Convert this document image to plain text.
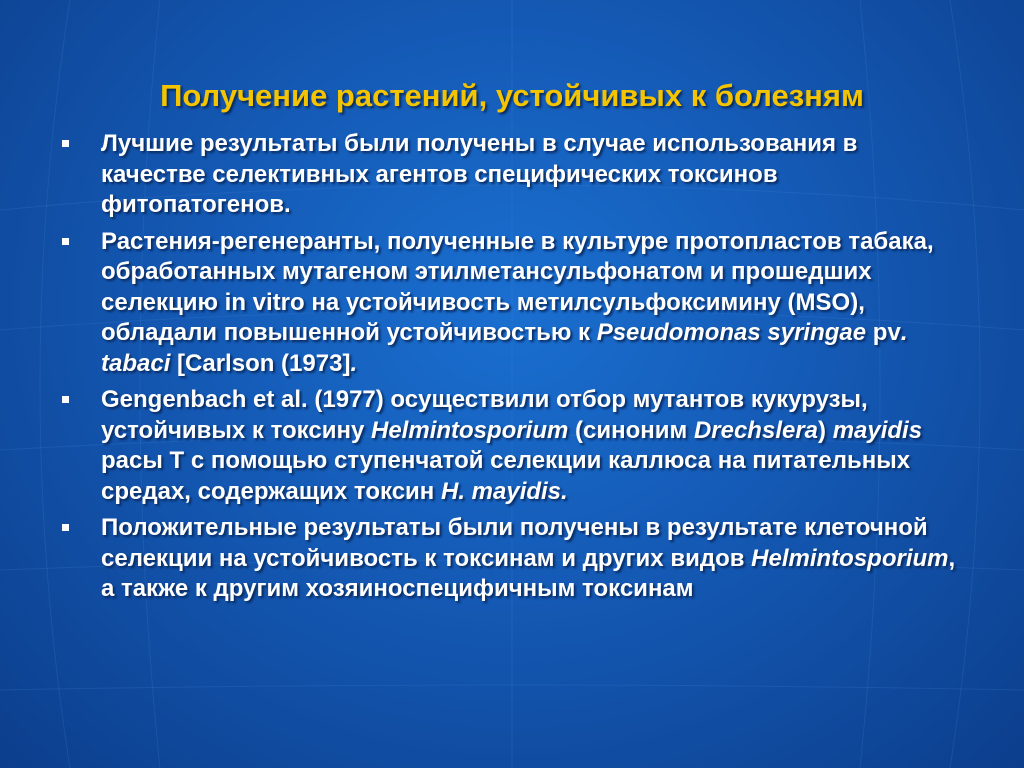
Получение растений, устойчивых к болезням
Лучшие результаты были получены в случае использования в качестве селективных агентов специфических токсинов фитопатогенов.
Растения-регенеранты, полученные в культуре протопластов табака, обработанных мутагеном этилметансульфонатом и прошедших селекцию in vitro на устойчивость метилсульфоксимину (MSO), обладали повышенной устойчивостью к Pseudomonas syringae pv. tabaci [Carlson (1973].
Gengenbach et al. (1977) осуществили отбор мутантов кукурузы, устойчивых к токсину Helmintosporium (синоним Drechslera) mayidis расы Т с помощью ступенчатой селекции каллюса на питательных средах, содержащих токсин H. mayidis.
Положительные результаты были получены в результате клеточной селекции на устойчивость к токсинам и других видов Helmintosporium, а также к другим хозяиноспецифичным токсинам
